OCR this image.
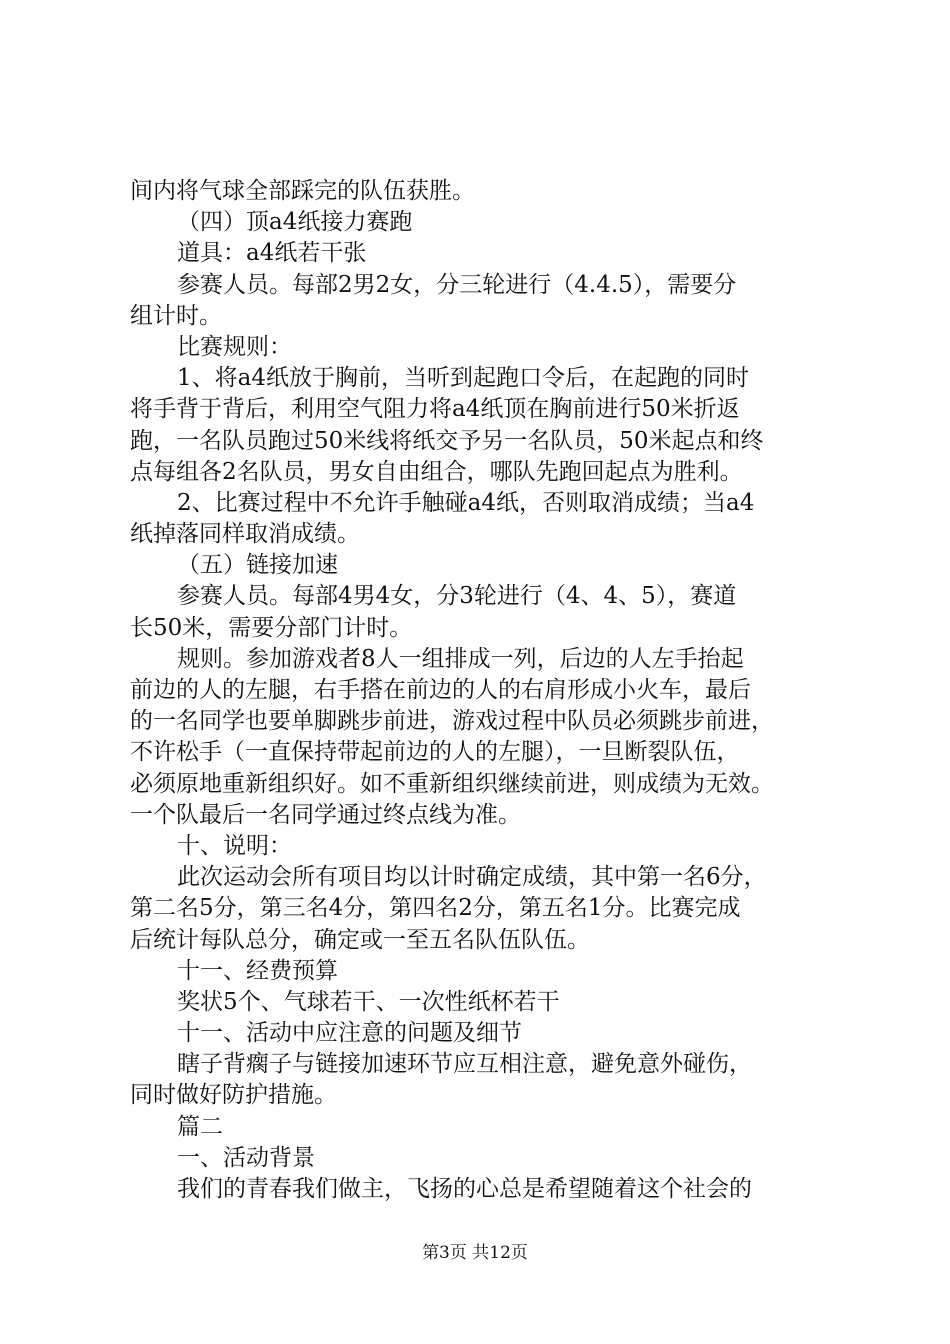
间内将气球全部踩完的队伍获胜。
（四）顶a4纸接力赛跑
道具：a4纸若干张
参赛人员。每部2男2女，分三轮进行（4.4.5），需要分
组计时。
比赛规则：
1、将a4纸放于胸前，当听到起跑口令后，在起跑的同时
将手背于背后，利用空气阻力将a4纸顶在胸前进行50米折返
跑，一名队员跑过50米线将纸交予另一名队员，50米起点和终
点每组各2名队员，男女自由组合，哪队先跑回起点为胜利。
2、比赛过程中不允许手触碰a4纸，否则取消成绩；当a4
纸掉落同样取消成绩。
（五）链接加速
参赛人员。每部4男4女，分3轮进行（4、4、5），赛道
长50米，需要分部门计时。
规则。参加游戏者8人一组排成一列，后边的人左手抬起
前边的人的左腿，右手搭在前边的人的右肩形成小火车，最后
的一名同学也要单脚跳步前进，游戏过程中队员必须跳步前进，
不许松手（一直保持带起前边的人的左腿），一旦断裂队伍，
必须原地重新组织好。如不重新组织继续前进，则成绩为无效。
一个队最后一名同学通过终点线为准。
十、说明：
此次运动会所有项目均以计时确定成绩，其中第一名6分，
第二名5分，第三名4分，第四名2分，第五名1分。比赛完成
后统计每队总分，确定或一至五名队伍队伍。
十一、经费预算
奖状5个、气球若干、一次性纸杯若干
十一、活动中应注意的问题及细节
瞎子背瘸子与链接加速环节应互相注意，避免意外碰伤，
同时做好防护措施。
篇二
一、活动背景
我们的青春我们做主，飞扬的心总是希望随着这个社会的
第3页 共12页
